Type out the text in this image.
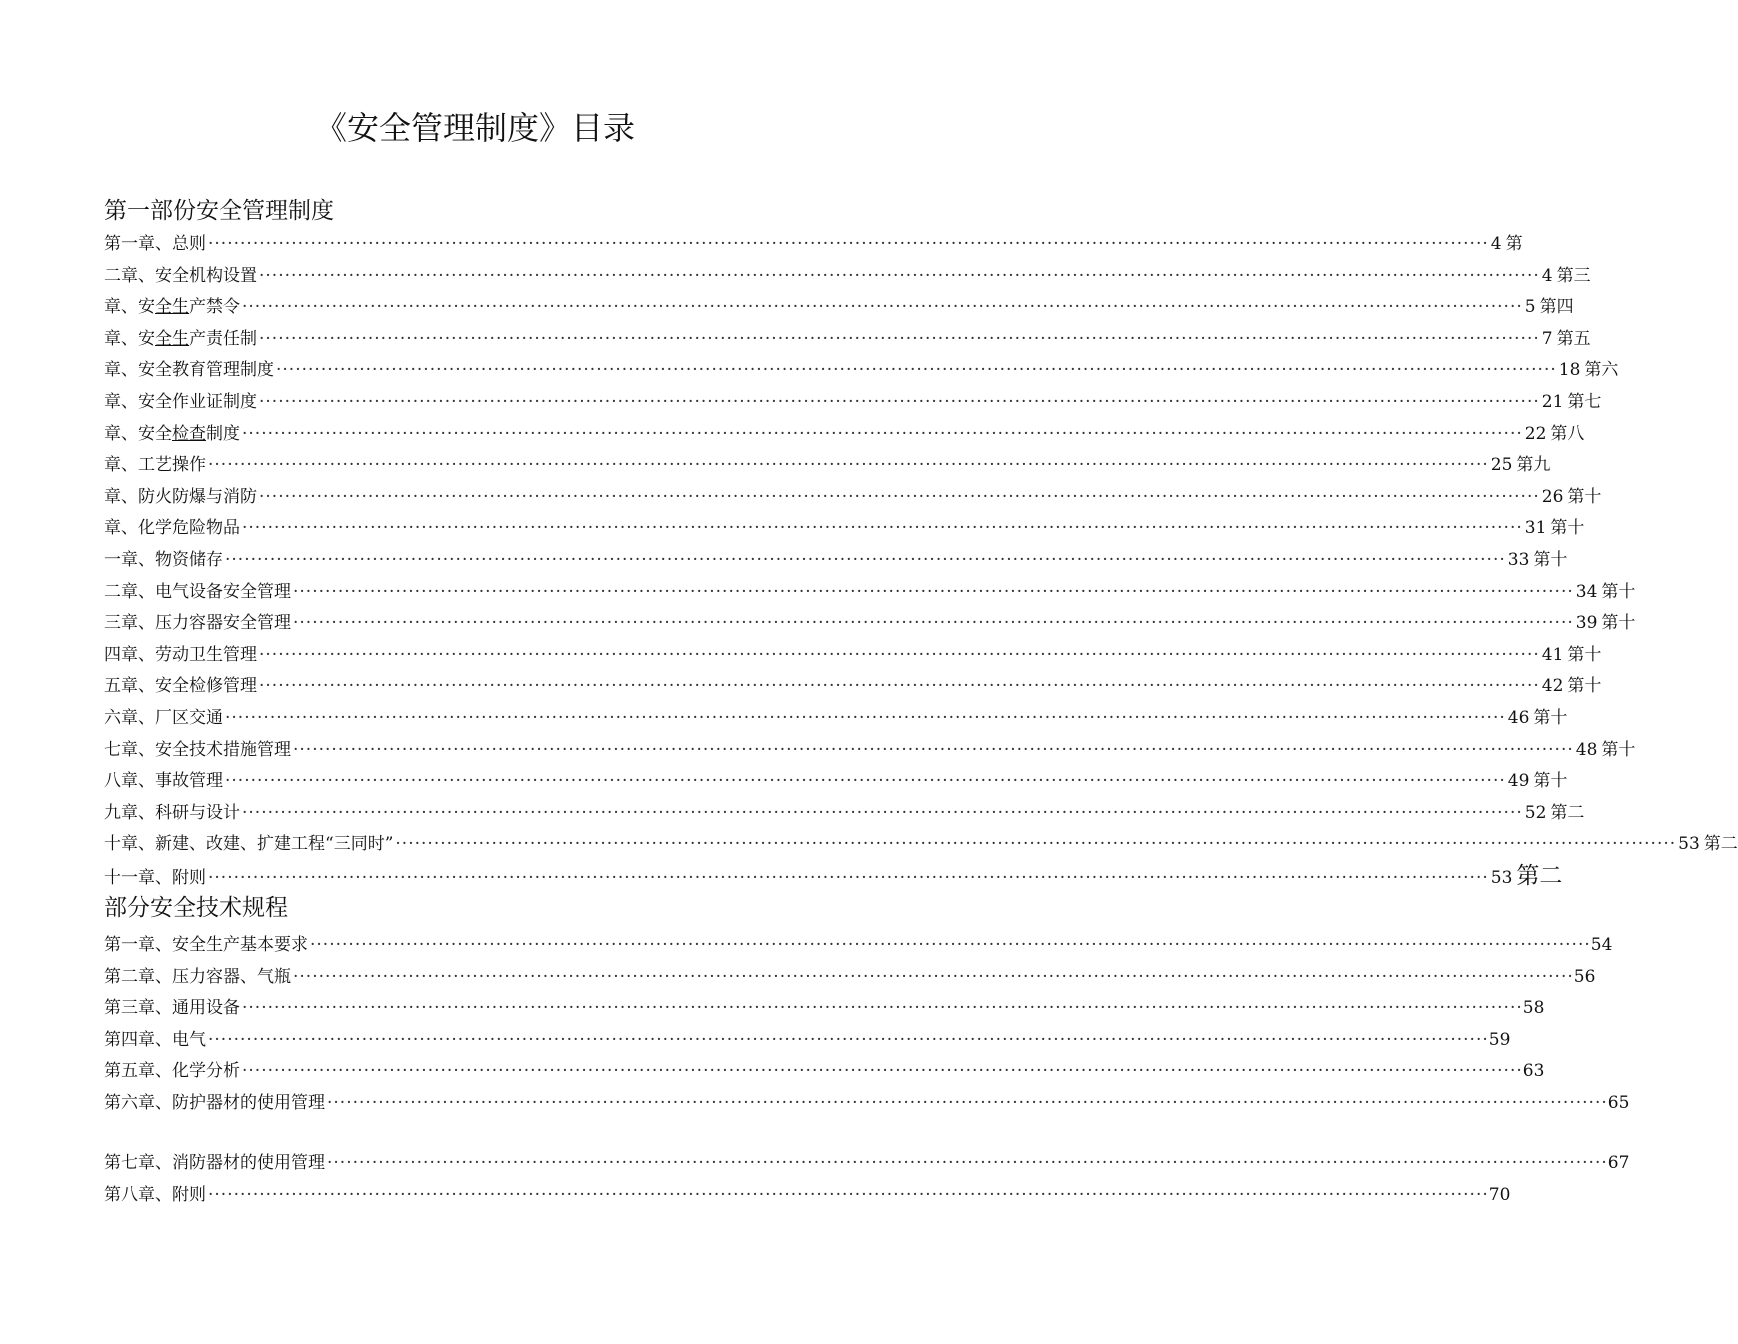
《安全管理制度》目录
第一部份安全管理制度
第一章、总则 ········································································································································································································ 4 第
二章、安全机构设置 ········································································································································································································ 4 第三
章、安全生产禁令 ········································································································································································································ 5 第四
章、安全生产责任制 ········································································································································································································ 7 第五
章、安全教育管理制度 ········································································································································································································ 18 第六
章、安全作业证制度 ········································································································································································································ 21 第七
章、安全检查制度 ········································································································································································································ 22 第八
章、工艺操作 ········································································································································································································ 25 第九
章、防火防爆与消防 ········································································································································································································ 26 第十
章、化学危险物品 ········································································································································································································ 31 第十
一章、物资储存 ········································································································································································································ 33 第十
二章、电气设备安全管理 ········································································································································································································ 34 第十
三章、压力容器安全管理 ········································································································································································································ 39 第十
四章、劳动卫生管理 ········································································································································································································ 41 第十
五章、安全检修管理 ········································································································································································································ 42 第十
六章、厂区交通 ········································································································································································································ 46 第十
七章、安全技术措施管理 ········································································································································································································ 48 第十
八章、事故管理 ········································································································································································································ 49 第十
九章、科研与设计 ········································································································································································································ 52 第二
十章、新建、改建、扩建工程“三同时” ········································································································································································································ 53 第二
十一章、附则 ········································································································································································································ 53 第二
部分安全技术规程
第一章、安全生产基本要求 ········································································································································································································ 54
第二章、压力容器、气瓶 ········································································································································································································ 56
第三章、通用设备 ········································································································································································································ 58
第四章、电气 ········································································································································································································ 59
第五章、化学分析 ········································································································································································································ 63
第六章、防护器材的使用管理 ········································································································································································································ 65
第七章、消防器材的使用管理 ········································································································································································································ 67
第八章、附则 ········································································································································································································ 70
